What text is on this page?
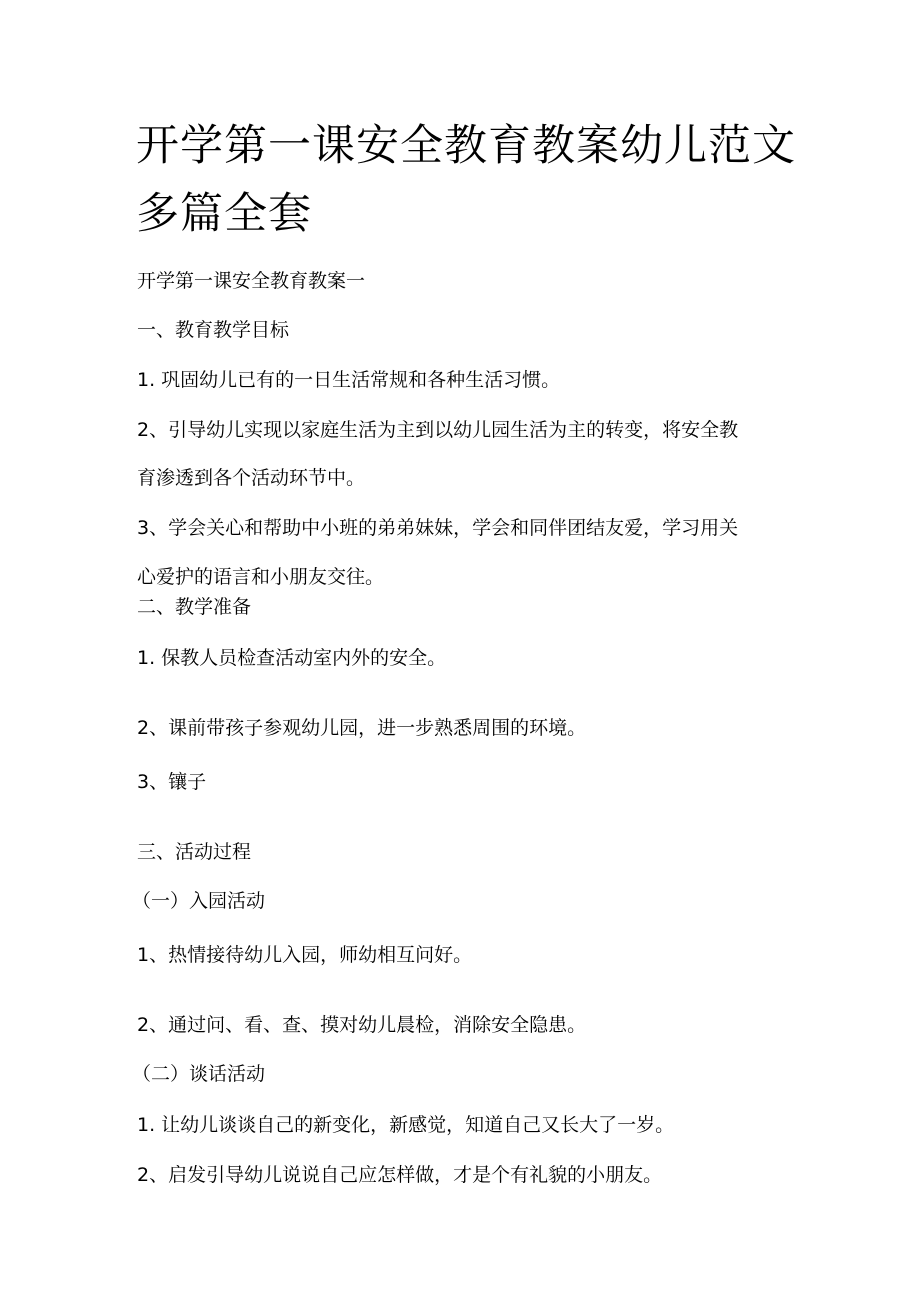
开学第一课安全教育教案幼儿范文多篇全套

开学第一课安全教育教案一

一、教育教学目标

1. 巩固幼儿已有的一日生活常规和各种生活习惯。

2、引导幼儿实现以家庭生活为主到以幼儿园生活为主的转变，将安全教

育渗透到各个活动环节中。

3、学会关心和帮助中小班的弟弟妹妹，学会和同伴团结友爱，学习用关

心爱护的语言和小朋友交往。

二、教学准备

1. 保教人员检查活动室内外的安全。

2、课前带孩子参观幼儿园，进一步熟悉周围的环境。

3、镶子

三、活动过程

（一）入园活动

1、热情接待幼儿入园，师幼相互问好。

2、通过问、看、查、摸对幼儿晨检，消除安全隐患。

（二）谈话活动

1. 让幼儿谈谈自己的新变化，新感觉，知道自己又长大了一岁。

2、启发引导幼儿说说自己应怎样做，才是个有礼貌的小朋友。
